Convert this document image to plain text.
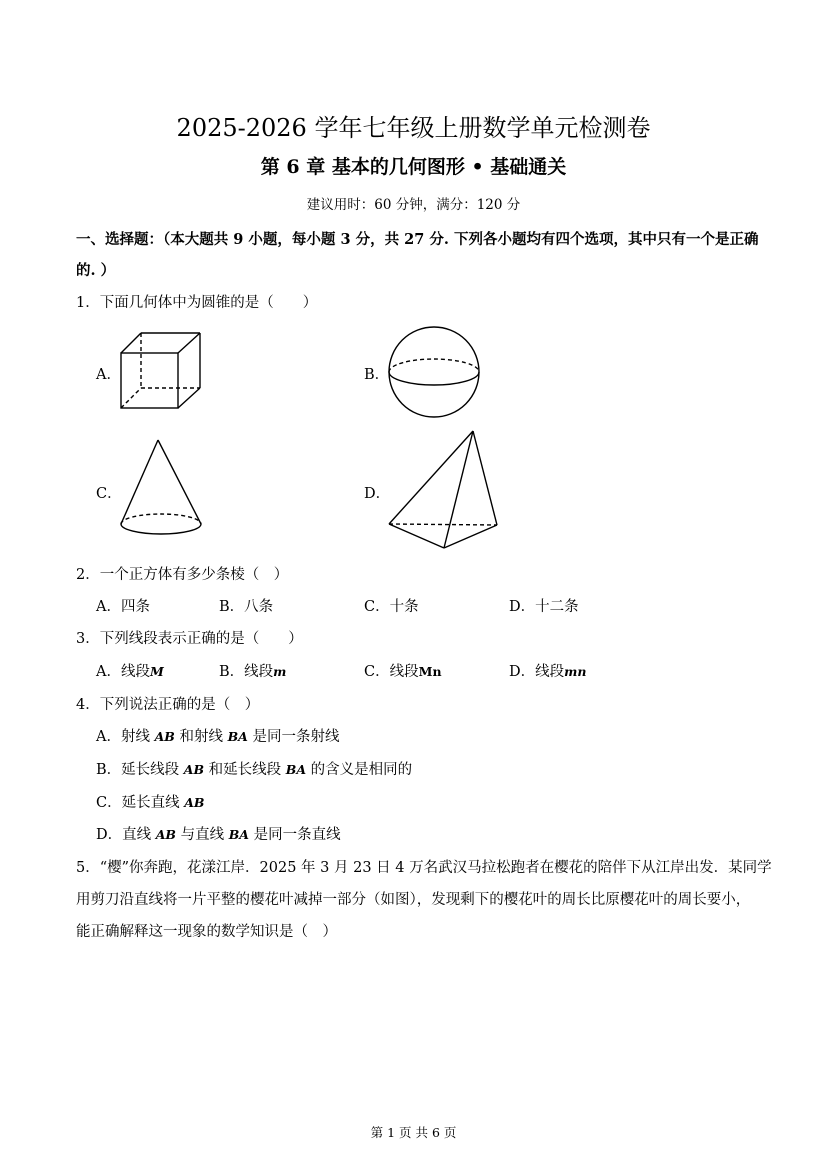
2025-2026 学年七年级上册数学单元检测卷
第 6 章 基本的几何图形 • 基础通关
建议用时：60 分钟，满分：120 分
一、选择题：（本大题共 9 小题，每小题 3 分，共 27 分. 下列各小题均有四个选项，其中只有一个是正确
的. ）
1．下面几何体中为圆锥的是（　　）
A．	B．
C．	D．
2．一个正方体有多少条棱（　）
A．四条	B．八条	C．十条	D．十二条
3．下列线段表示正确的是（　　）
A．线段M	B．线段m	C．线段Mn	D．线段mn
4．下列说法正确的是（　）
A．射线 AB 和射线 BA 是同一条射线
B．延长线段 AB 和延长线段 BA 的含义是相同的
C．延长直线 AB
D．直线 AB 与直线 BA 是同一条直线
5．“樱”你奔跑，花漾江岸．2025 年 3 月 23 日 4 万名武汉马拉松跑者在樱花的陪伴下从江岸出发．某同学
用剪刀沿直线将一片平整的樱花叶减掉一部分（如图），发现剩下的樱花叶的周长比原樱花叶的周长要小，
能正确解释这一现象的数学知识是（　）
第 1 页 共 6 页
